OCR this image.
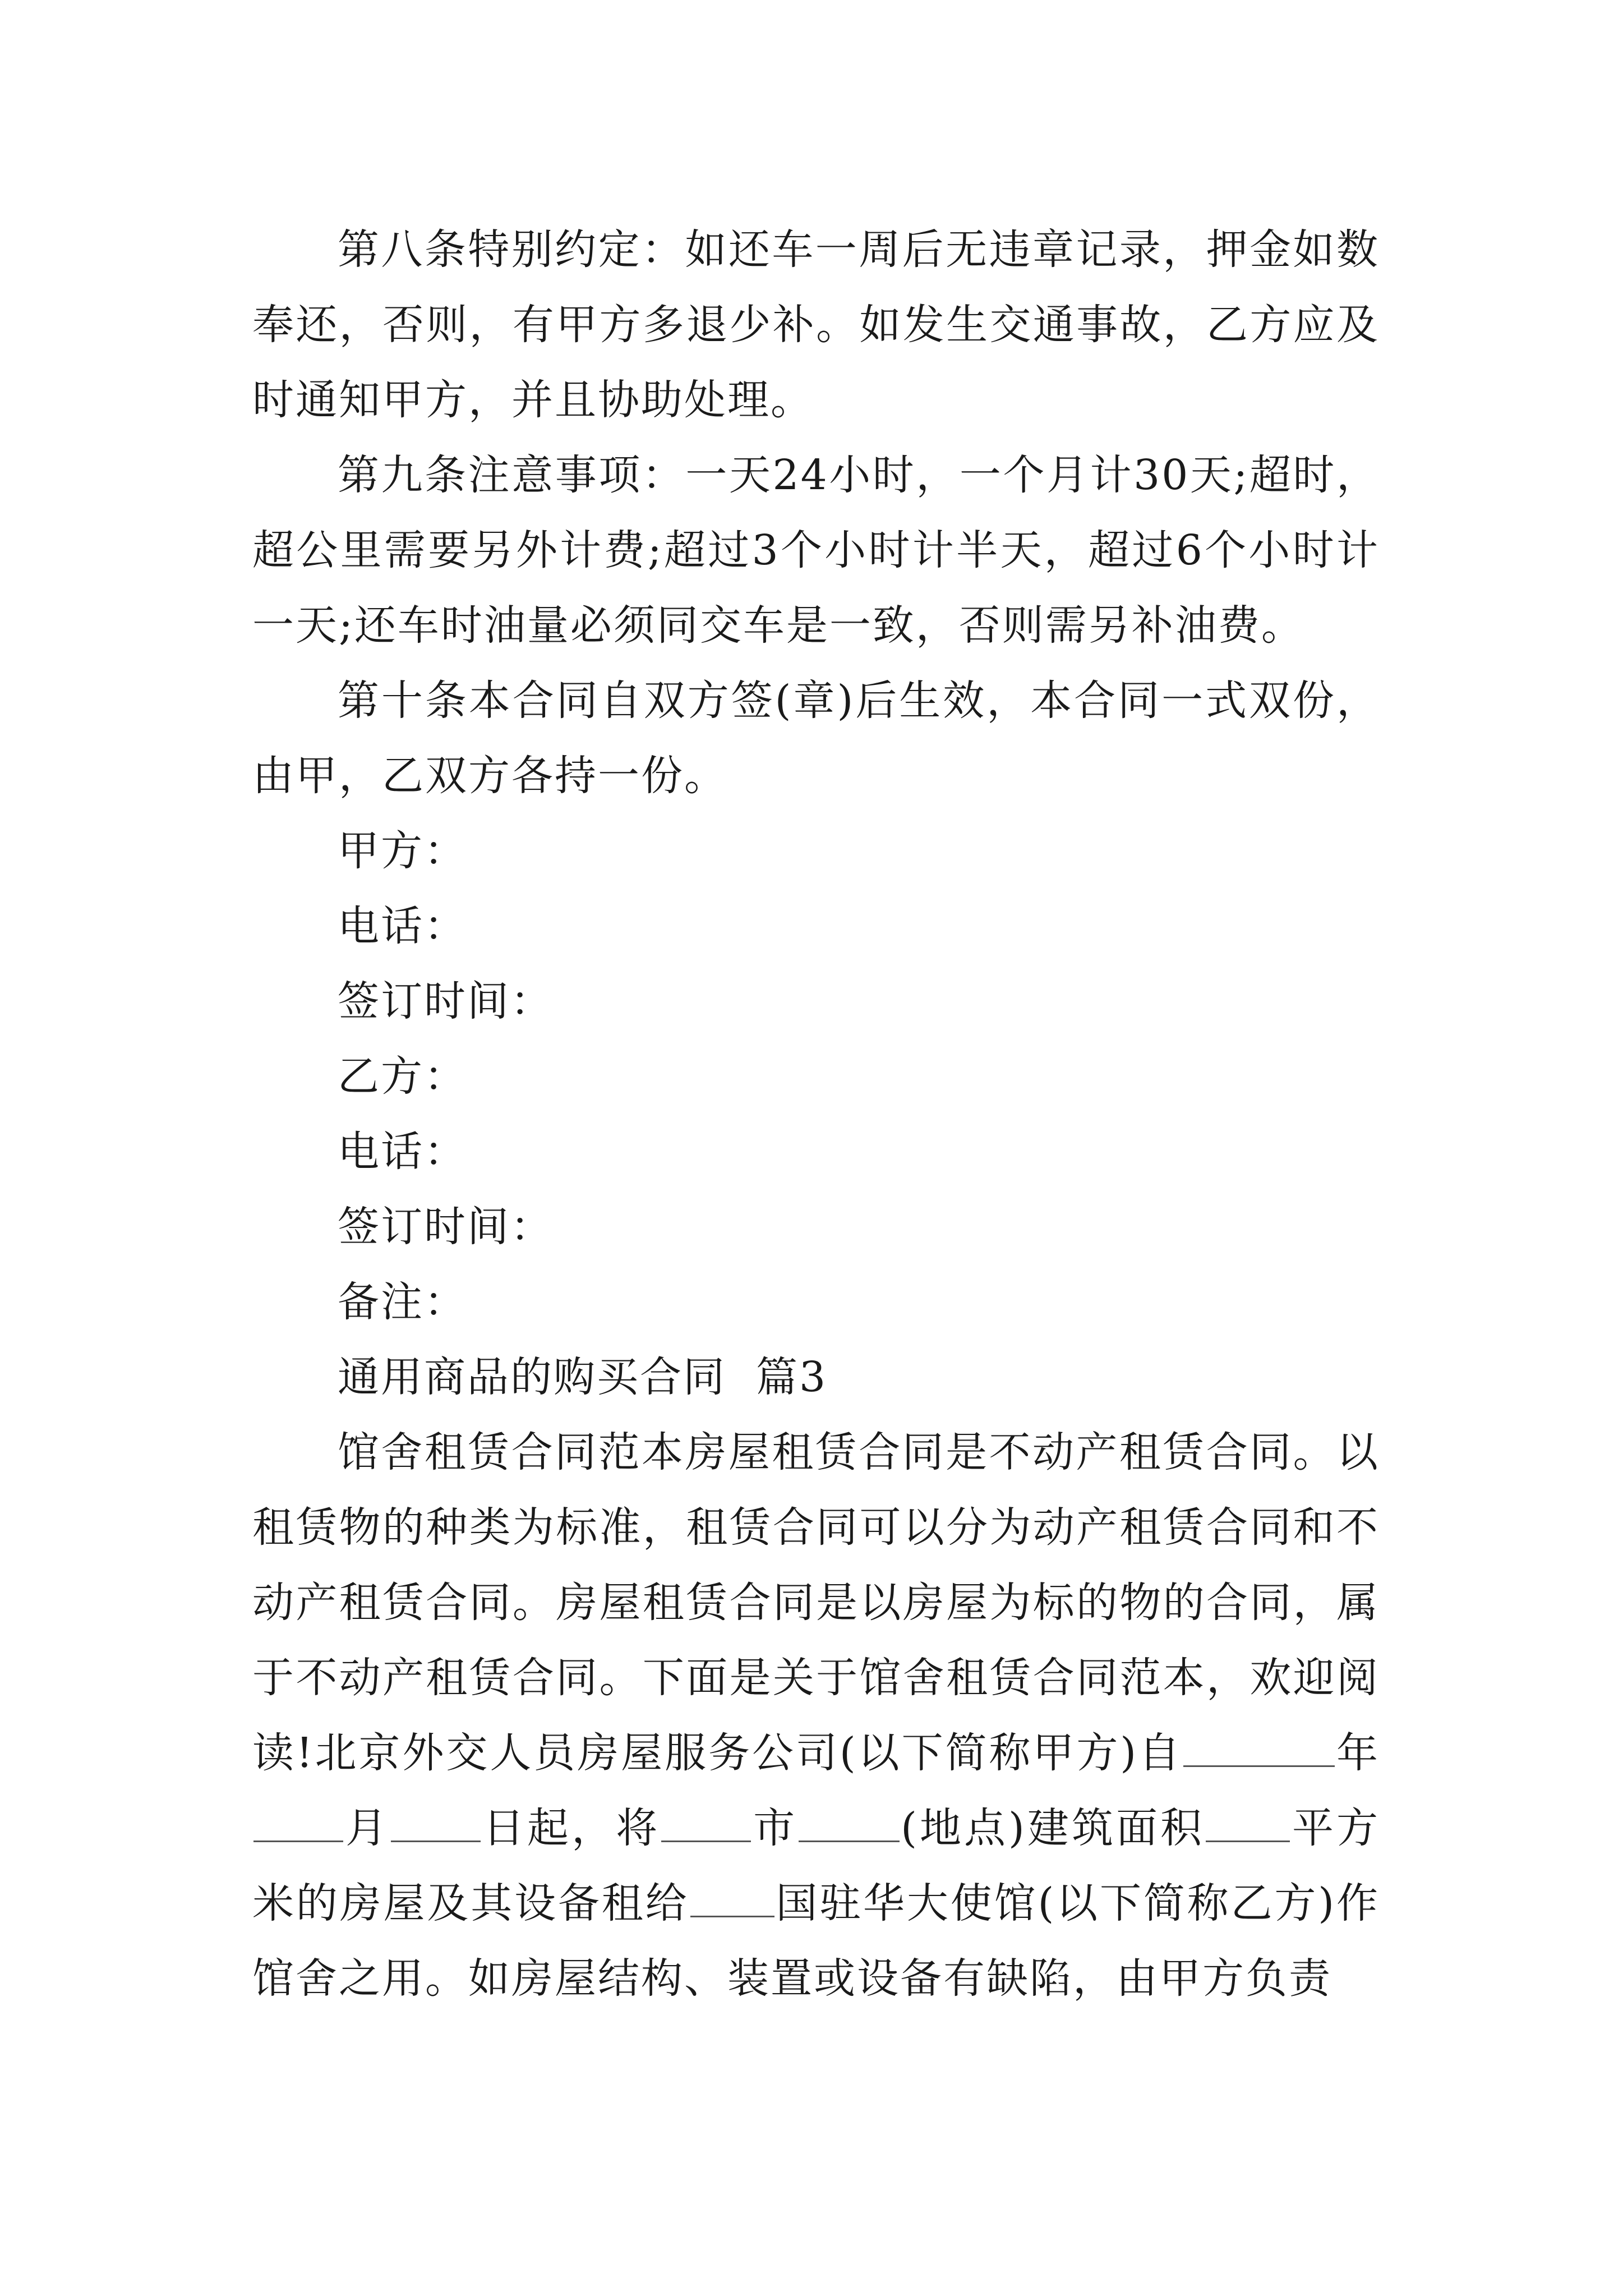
第八条特别约定：如还车一周后无违章记录，押金如数奉还，否则，有甲方多退少补。如发生交通事故，乙方应及时通知甲方，并且协助处理。

第九条注意事项：一天24小时，一个月计30天;超时，超公里需要另外计费;超过3个小时计半天，超过6个小时计一天;还车时油量必须同交车是一致，否则需另补油费。

第十条本合同自双方签(章)后生效，本合同一式双份，由甲，乙双方各持一份。

甲方：

电话：

签订时间：

乙方：

电话：

签订时间：

备注：

通用商品的购买合同  篇3

馆舍租赁合同范本房屋租赁合同是不动产租赁合同。以租赁物的种类为标准，租赁合同可以分为动产租赁合同和不动产租赁合同。房屋租赁合同是以房屋为标的物的合同，属于不动产租赁合同。下面是关于馆舍租赁合同范本，欢迎阅读!北京外交人员房屋服务公司(以下简称甲方)自	年月 日起，将 市 (地点)建筑面积 平方米的房屋及其设备租给 国驻华大使馆(以下简称乙方)作馆舍之用。如房屋结构、装置或设备有缺陷，由甲方负责
